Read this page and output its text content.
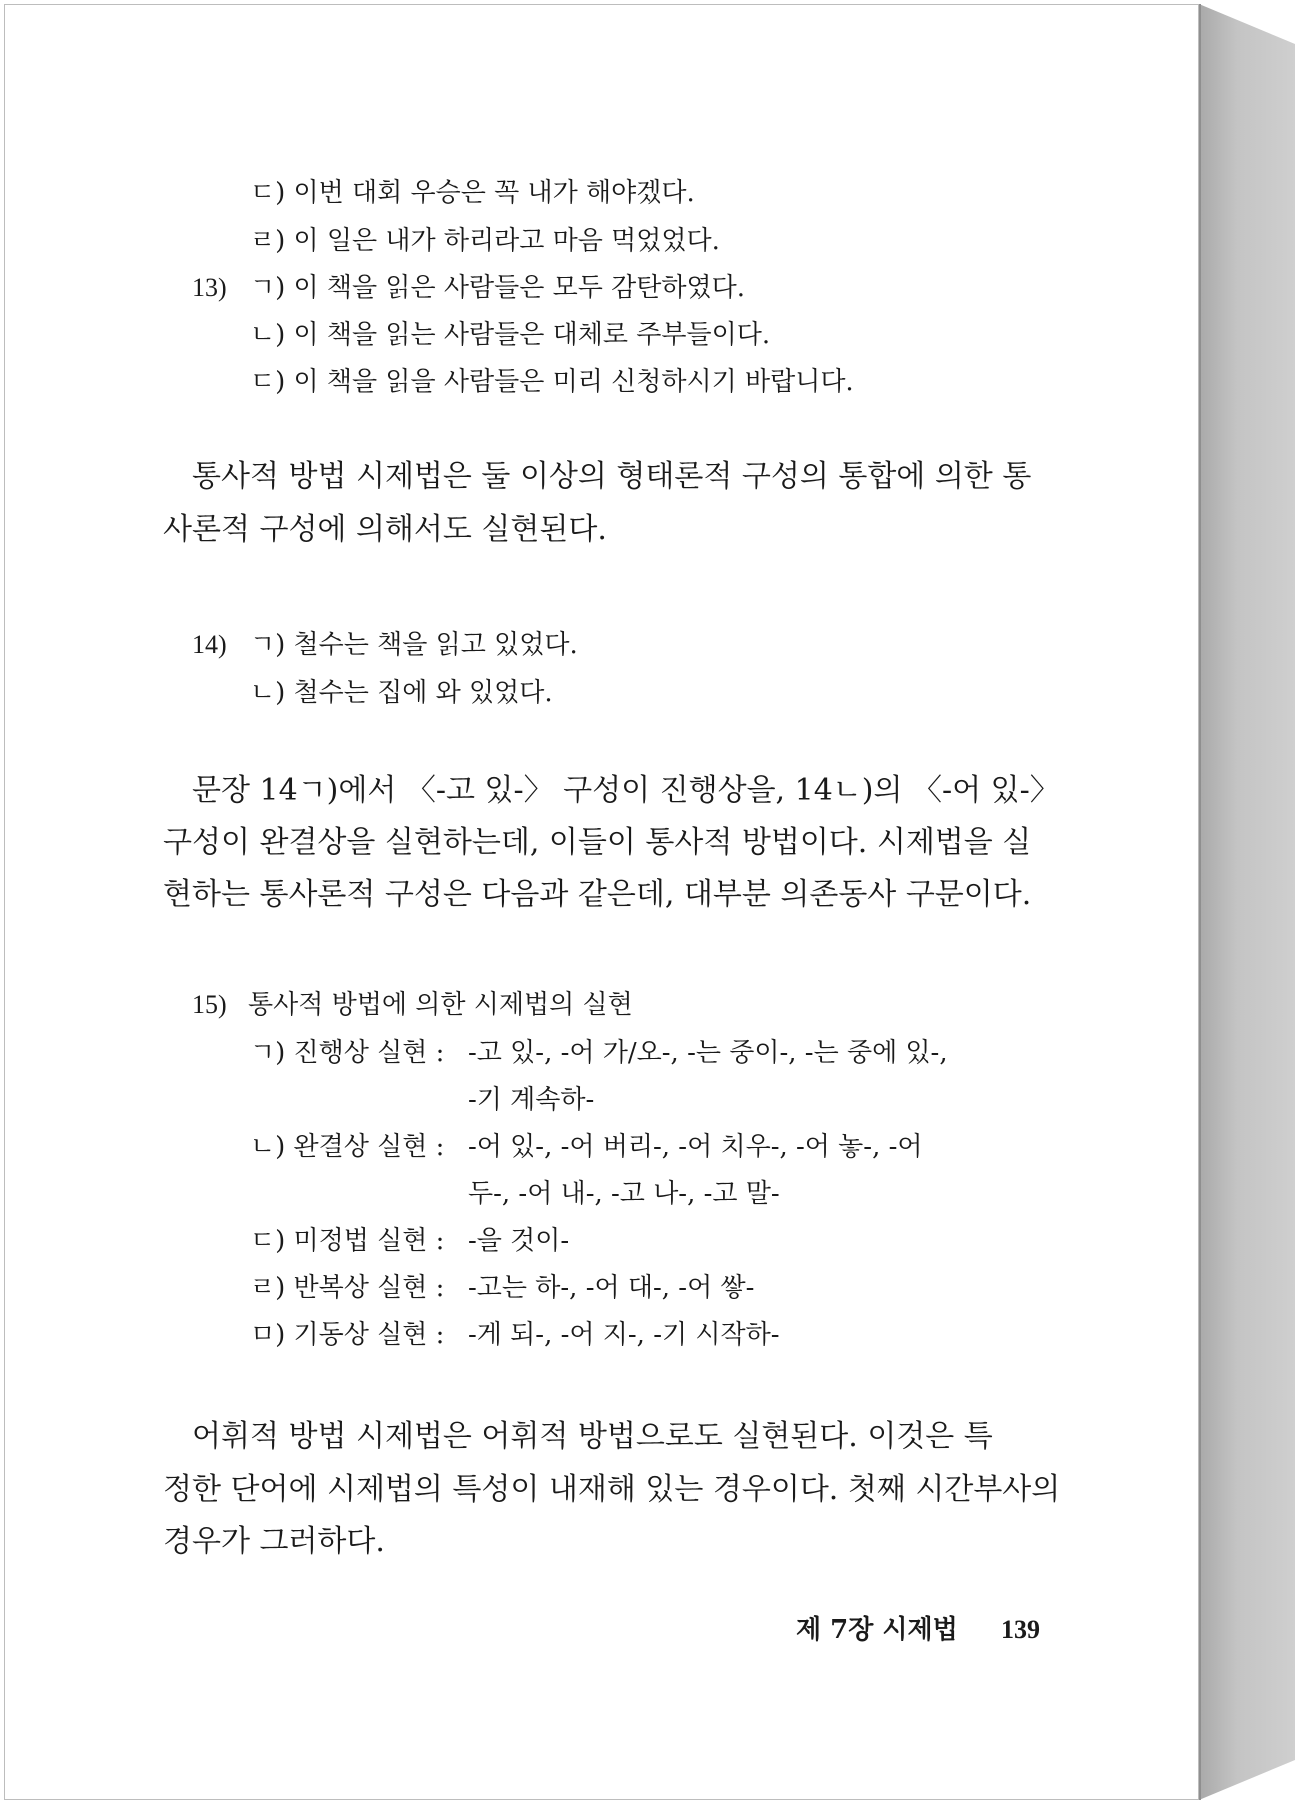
ㄷ) 이번 대회 우승은 꼭 내가 해야겠다.
ㄹ) 이 일은 내가 하리라고 마음 먹었었다.
13) ㄱ) 이 책을 읽은 사람들은 모두 감탄하였다.
ㄴ) 이 책을 읽는 사람들은 대체로 주부들이다.
ㄷ) 이 책을 읽을 사람들은 미리 신청하시기 바랍니다.
통사적 방법 시제법은 둘 이상의 형태론적 구성의 통합에 의한 통
사론적 구성에 의해서도 실현된다.
14) ㄱ) 철수는 책을 읽고 있었다.
ㄴ) 철수는 집에 와 있었다.
문장 14ㄱ)에서 〈-고 있-〉 구성이 진행상을, 14ㄴ)의 〈-어 있-〉
구성이 완결상을 실현하는데, 이들이 통사적 방법이다. 시제법을 실
현하는 통사론적 구성은 다음과 같은데, 대부분 의존동사 구문이다.
15) 통사적 방법에 의한 시제법의 실현
ㄱ) 진행상 실현 : -고 있-, -어 가/오-, -는 중이-, -는 중에 있-,
-기 계속하-
ㄴ) 완결상 실현 : -어 있-, -어 버리-, -어 치우-, -어 놓-, -어
두-, -어 내-, -고 나-, -고 말-
ㄷ) 미정법 실현 : -을 것이-
ㄹ) 반복상 실현 : -고는 하-, -어 대-, -어 쌓-
ㅁ) 기동상 실현 : -게 되-, -어 지-, -기 시작하-
어휘적 방법 시제법은 어휘적 방법으로도 실현된다. 이것은 특
정한 단어에 시제법의 특성이 내재해 있는 경우이다. 첫째 시간부사의
경우가 그러하다.
제 7장 시제법 139
